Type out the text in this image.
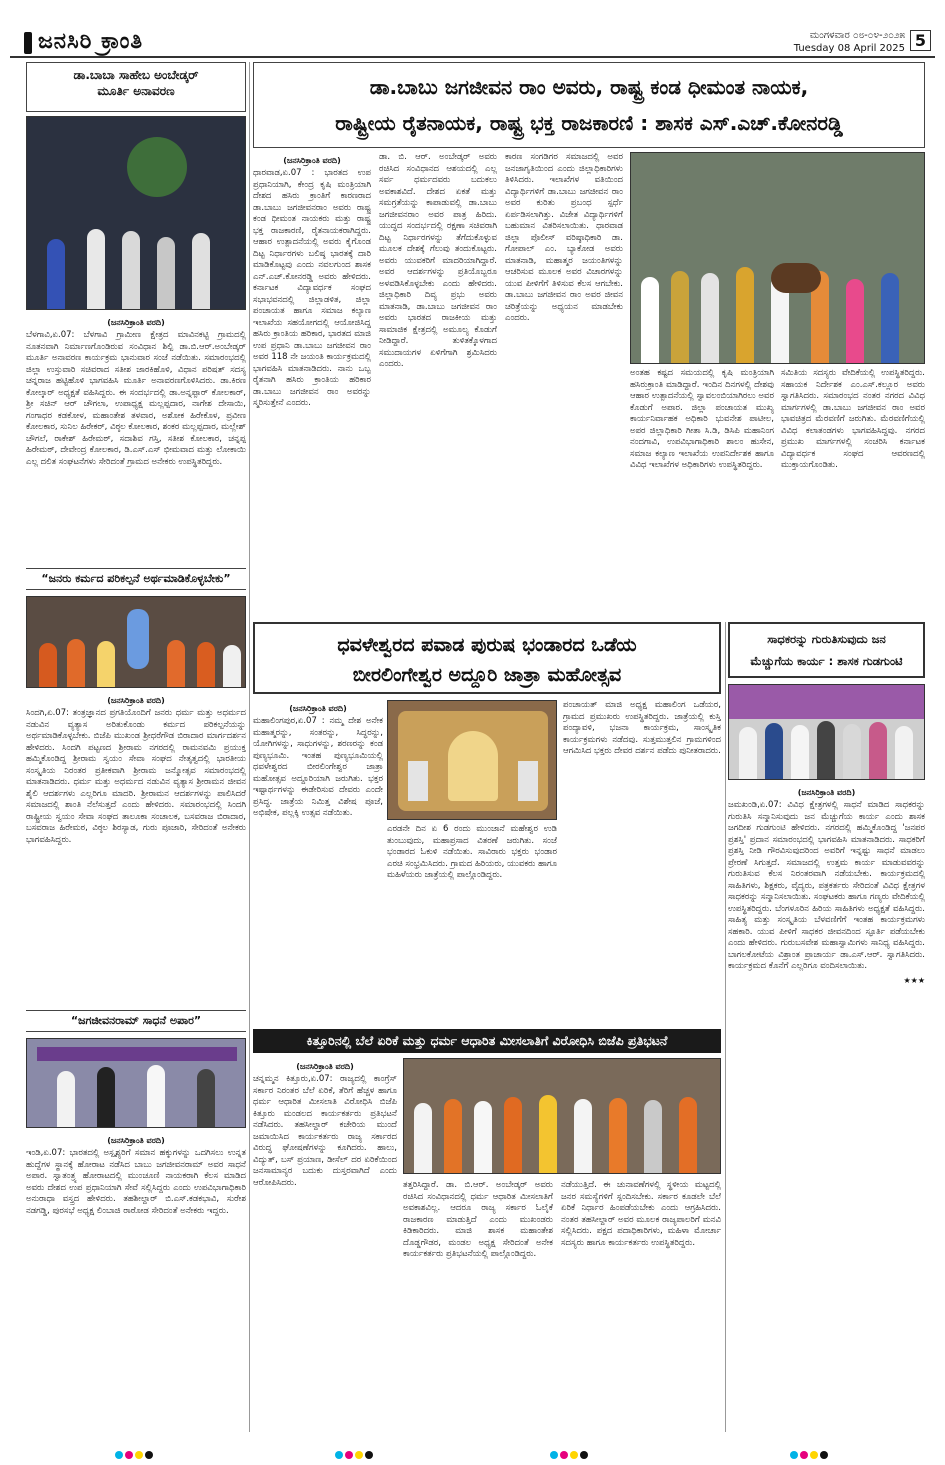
ಜನಸಿರಿ ಕ್ರಾಂತಿ	ಮಂಗಳವಾರ ೦೮-೦೪-೨೦೨೫
Tuesday 08 April 2025 5
ಡಾ.ಬಾಬಾ ಸಾಹೇಬ ಅಂಬೇಡ್ಕರ್
ಮೂರ್ತಿ ಅನಾವರಣ
(ಜನಸಿರಿಕ್ರಾಂತಿ ವರದಿ)
ಬೆಳಗಾವಿ,ಏ.07: ಬೆಳಗಾವಿ ಗ್ರಾಮೀಣ ಕ್ಷೇತ್ರದ ಮಾವಿನಕಟ್ಟಿ ಗ್ರಾಮದಲ್ಲಿ ನೂತನವಾಗಿ ನಿರ್ಮಾಣಗೊಂಡಿರುವ ಸಂವಿಧಾನ ಶಿಲ್ಪಿ ಡಾ.ಬಿ.ಆರ್.ಅಂಬೇಡ್ಕರ್ ಮೂರ್ತಿ ಅನಾವರಣ ಕಾರ್ಯಕ್ರಮ ಭಾನುವಾರ ಸಂಜೆ ನಡೆಯಿತು. ಸಮಾರಂಭದಲ್ಲಿ ಜಿಲ್ಲಾ ಉಸ್ತುವಾರಿ ಸಚಿವರಾದ ಸತೀಶ ಜಾರಕಿಹೊಳಿ, ವಿಧಾನ ಪರಿಷತ್ ಸದಸ್ಯ ಚನ್ನರಾಜ ಹಟ್ಟಿಹೊಳಿ ಭಾಗವಹಿಸಿ ಮೂರ್ತಿ ಅನಾವರಣಗೊಳಿಸಿದರು. ಡಾ.ಕಿರಣ ಕೋಲ್ಕಾರ್ ಅಧ್ಯಕ್ಷತೆ ವಹಿಸಿದ್ದರು. ಈ ಸಂದರ್ಭದಲ್ಲಿ ಡಾ.ಅನ್ನಪ್ಪಾರ್ ಕೋಲಕಾರ್, ಶ್ರೀ ಸಚಿನ್ ಆರ್ ಚೌಗಲಾ, ಉಪಾಧ್ಯಕ್ಷ ಮಲ್ಲಪ್ಪದಾರ, ನಾಗೇಶ ದೇಸಾಯಿ, ಗಂಗಾಧರ ಕಡಕೋಳ, ಮಹಾಂತೇಶ ತಳವಾರ, ಅಶೋಕ ಹಿರೇಕೊಳ, ಪ್ರವೀಣ ಕೋಲಕಾರ, ಸುನಿಲ ಹಿರೇಕರ್, ವಿಠ್ಠಲ ಕೋಲಕಾರ, ಶಂಕರ ಮಲ್ಲಪ್ಪದಾರ, ಮಲ್ಲೇಶ್ ಚೌಗಲೆ, ರಾಕೇಶ್ ಹಿರೇಮಠ್, ಸದಾಶಿವ ಗಸ್ತಿ, ಸತೀಶ ಕೋಲಕಾರ, ಚನ್ನಪ್ಪ ಹಿರೇಮಠ್, ದೇವೇಂದ್ರ ಕೋಲಕಾರ, ಡಿ.ಎಸ್.ಎಸ್ ಭೀಮವಾದ ಮತ್ತು ಲೋಕಾಯಿ ಎಲ್ಲ ದಲಿತ ಸಂಘಟನೆಗಳು ಸೇರಿದಂತೆ ಗ್ರಾಮದ ಅನೇಕರು ಉಪಸ್ಥಿತರಿದ್ದರು.
“ಜನರು ಕರ್ಮದ ಪರಿಕಲ್ಪನೆ ಅರ್ಥಮಾಡಿಕೊಳ್ಳಬೇಕು”
(ಜನಸಿರಿಕ್ರಾಂತಿ ವರದಿ)
ಸಿಂದಗಿ,ಏ.07: ತಂತ್ರಜ್ಞಾನದ ಪ್ರಗತಿಯೊಂದಿಗೆ ಜನರು ಧರ್ಮ ಮತ್ತು ಅಧರ್ಮದ ನಡುವಿನ ವ್ಯತ್ಯಾಸ ಅರಿತುಕೊಂಡು ಕರ್ಮದ ಪರಿಕಲ್ಪನೆಯನ್ನು ಅರ್ಥಮಾಡಿಕೊಳ್ಳಬೇಕು. ಬಿಜೆಪಿ ಮುಖಂಡ ಶ್ರೀಧರೆಗೌಡ ಬಿರಾದಾರ ಮಾರ್ಗದರ್ಶನ ಹೇಳಿದರು. ಸಿಂದಗಿ ಪಟ್ಟಣದ ಶ್ರೀರಾಮ ನಗರದಲ್ಲಿ ರಾಮನವಮಿ ಪ್ರಯುಕ್ತ ಹಮ್ಮಿಕೊಂಡಿದ್ದ ಶ್ರೀರಾಮ ಸ್ವಯಂ ಸೇವಾ ಸಂಘದ ನೇತೃತ್ವದಲ್ಲಿ ಭಾರತೀಯ ಸಂಸ್ಕೃತಿಯ ನಿರಂತರ ಪ್ರತೀಕವಾಗಿ ಶ್ರೀರಾಮ ಜನ್ಮೋತ್ಸವ ಸಮಾರಂಭದಲ್ಲಿ ಮಾತನಾಡಿದರು. ಧರ್ಮ ಮತ್ತು ಅಧರ್ಮದ ನಡುವಿನ ವ್ಯತ್ಯಾಸ ಶ್ರೀರಾಮನ ಜೀವನ ಶೈಲಿ ಆದರ್ಶಗಳು ಎಲ್ಲರಿಗೂ ಮಾದರಿ. ಶ್ರೀರಾಮನ ಆದರ್ಶಗಳನ್ನು ಪಾಲಿಸಿದರೆ ಸಮಾಜದಲ್ಲಿ ಶಾಂತಿ ನೆಲೆಸುತ್ತದೆ ಎಂದು ಹೇಳಿದರು. ಸಮಾರಂಭದಲ್ಲಿ ಸಿಂದಗಿ ರಾಷ್ಟ್ರೀಯ ಸ್ವಯಂ ಸೇವಾ ಸಂಘದ ತಾಲೂಕಾ ಸಂಚಾಲಕ, ಬಸವರಾಜ ಬಿರಾದಾರ, ಬಸವರಾಜ ಹಿರೇಮಠ, ವಿಠ್ಠಲ ಶಿರಸ್ಯಾಡ, ಗುರು ಪೂಜಾರಿ, ಸೇರಿದಂತೆ ಅನೇಕರು ಭಾಗವಹಿಸಿದ್ದರು.
“ಜಗಜೀವನರಾಮ್ ಸಾಧನೆ ಅಪಾರ”
(ಜನಸಿರಿಕ್ರಾಂತಿ ವರದಿ)
ಇಂಡಿ,ಏ.07: ಭಾರತದಲ್ಲಿ ಅಸ್ಪೃಶ್ಯರಿಗೆ ಸಮಾನ ಹಕ್ಕುಗಳನ್ನು ಒದಗಿಸಲು ಉನ್ನತ ಹುದ್ದೆಗಳ ಸ್ಥಾನಕ್ಕೆ ಹೋರಾಟ ನಡೆಸಿದ ಬಾಬು ಜಗಜೀವನರಾಮ್ ಅವರ ಸಾಧನೆ ಅಪಾರ. ಸ್ವಾತಂತ್ರ್ಯ ಹೋರಾಟದಲ್ಲಿ ಮುಂಚೂಣಿ ನಾಯಕರಾಗಿ ಕೆಲಸ ಮಾಡಿದ ಅವರು ದೇಶದ ಉಪ ಪ್ರಧಾನಿಯಾಗಿ ಸೇವೆ ಸಲ್ಲಿಸಿದ್ದರು ಎಂದು ಉಪವಿಭಾಗಾಧಿಕಾರಿ ಅನುರಾಧಾ ವಸ್ತ್ರದ ಹೇಳಿದರು. ತಹಶೀಲ್ದಾರ್ ಬಿ.ಎಸ್.ಕಡಕಭಾವಿ, ಸುರೇಶ ನಡಗಡ್ಡಿ, ಪುರಸಭೆ ಅಧ್ಯಕ್ಷ ಲಿಂಬಾಜಿ ರಾಠೋಡ ಸೇರಿದಂತೆ ಅನೇಕರು ಇದ್ದರು.
ಡಾ.ಬಾಬು ಜಗಜೀವನ ರಾಂ ಅವರು, ರಾಷ್ಟ್ರ ಕಂಡ ಧೀಮಂತ ನಾಯಕ,
ರಾಷ್ಟ್ರೀಯ ರೈತನಾಯಕ, ರಾಷ್ಟ್ರ ಭಕ್ತ ರಾಜಕಾರಣಿ : ಶಾಸಕ ಎಸ್.ಎಚ್.ಕೋನರಡ್ಡಿ
(ಜನಸಿರಿಕ್ರಾಂತಿ ವರದಿ)
ಧಾರವಾಡ,ಏ.07 : ಭಾರತದ ಉಪ ಪ್ರಧಾನಿಯಾಗಿ, ಕೇಂದ್ರ ಕೃಷಿ ಮಂತ್ರಿಯಾಗಿ ದೇಶದ ಹಸಿರು ಕ್ರಾಂತಿಗೆ ಕಾರಣರಾದ ಡಾ.ಬಾಬು ಜಗಜೀವನರಾಂ ಅವರು ರಾಷ್ಟ್ರ ಕಂಡ ಧೀಮಂತ ನಾಯಕರು ಮತ್ತು ರಾಷ್ಟ್ರ ಭಕ್ತ ರಾಜಕಾರಣಿ, ರೈತನಾಯಕರಾಗಿದ್ದರು. ಆಹಾರ ಉತ್ಪಾದನೆಯಲ್ಲಿ ಅವರು ಕೈಗೊಂಡ ದಿಟ್ಟ ನಿರ್ಧಾರಗಳು ಬಲಿಷ್ಠ ಭಾರತಕ್ಕೆ ದಾರಿ ಮಾಡಿಕೊಟ್ಟವು ಎಂದು ನವಲಗುಂದ ಶಾಸಕ ಎನ್.ಎಚ್.ಕೋನರಡ್ಡಿ ಅವರು ಹೇಳಿದರು. ಕರ್ನಾಟಕ ವಿದ್ಯಾವರ್ಧಕ ಸಂಘದ ಸಭಾಭವನದಲ್ಲಿ ಜಿಲ್ಲಾಡಳಿತ, ಜಿಲ್ಲಾ ಪಂಚಾಯತ ಹಾಗೂ ಸಮಾಜ ಕಲ್ಯಾಣ ಇಲಾಖೆಯ ಸಹಯೋಗದಲ್ಲಿ ಆಯೋಜಿಸಿದ್ದ ಹಸಿರು ಕ್ರಾಂತಿಯ ಹರಿಕಾರ, ಭಾರತದ ಮಾಜಿ ಉಪ ಪ್ರಧಾನಿ ಡಾ.ಬಾಬು ಜಗಜೀವನ ರಾಂ ಅವರ 118 ನೇ ಜಯಂತಿ ಕಾರ್ಯಕ್ರಮದಲ್ಲಿ ಭಾಗವಹಿಸಿ ಮಾತನಾಡಿದರು. ನಾನು ಒಬ್ಬ ರೈತನಾಗಿ ಹಸಿರು ಕ್ರಾಂತಿಯ ಹರಿಕಾರ ಡಾ.ಬಾಬು ಜಗಜೀವನ ರಾಂ ಅವರನ್ನು ಸ್ಮರಿಸುತ್ತೇನೆ ಎಂದರು.
ಡಾ. ಬಿ. ಆರ್. ಅಂಬೇಡ್ಕರ್ ಅವರು ರಚಿಸಿದ ಸಂವಿಧಾನದ ಆಶಯದಲ್ಲಿ ಎಲ್ಲ ಸರ್ವ ಧರ್ಮದವರು ಬದುಕಲು ಅವಕಾಶವಿದೆ. ದೇಶದ ಏಕತೆ ಮತ್ತು ಸಮಗ್ರತೆಯನ್ನು ಕಾಪಾಡುವಲ್ಲಿ ಡಾ.ಬಾಬು ಜಗಜೀವನರಾಂ ಅವರ ಪಾತ್ರ ಹಿರಿದು. ಯುದ್ಧದ ಸಂದರ್ಭದಲ್ಲಿ ರಕ್ಷಣಾ ಸಚಿವರಾಗಿ ದಿಟ್ಟ ನಿರ್ಧಾರಗಳನ್ನು ತೆಗೆದುಕೊಳ್ಳುವ ಮೂಲಕ ದೇಶಕ್ಕೆ ಗೆಲುವು ತಂದುಕೊಟ್ಟರು. ಅವರು ಯುವಕರಿಗೆ ಮಾದರಿಯಾಗಿದ್ದಾರೆ. ಅವರ ಆದರ್ಶಗಳನ್ನು ಪ್ರತಿಯೊಬ್ಬರೂ ಅಳವಡಿಸಿಕೊಳ್ಳಬೇಕು ಎಂದು ಹೇಳಿದರು. ಜಿಲ್ಲಾಧಿಕಾರಿ ದಿವ್ಯ ಪ್ರಭು ಅವರು ಮಾತನಾಡಿ, ಡಾ.ಬಾಬು ಜಗಜೀವನ ರಾಂ ಅವರು ಭಾರತದ ರಾಜಕೀಯ ಮತ್ತು ಸಾಮಾಜಿಕ ಕ್ಷೇತ್ರದಲ್ಲಿ ಅಮೂಲ್ಯ ಕೊಡುಗೆ ನೀಡಿದ್ದಾರೆ. ತುಳಿತಕ್ಕೊಳಗಾದ ಸಮುದಾಯಗಳ ಏಳಿಗೆಗಾಗಿ ಶ್ರಮಿಸಿದರು ಎಂದರು.
ಕಾರಣ ಸಂಗಡಿಗರ ಸಮಾಜದಲ್ಲಿ ಅವರ ಜನಜಾಗೃತಿಯಿಂದ ಎಂದು ಜಿಲ್ಲಾಧಿಕಾರಿಗಳು ತಿಳಿಸಿದರು. ಇಲಾಖೆಗಳ ವತಿಯಿಂದ ವಿದ್ಯಾರ್ಥಿಗಳಿಗೆ ಡಾ.ಬಾಬು ಜಗಜೀವನ ರಾಂ ಅವರ ಕುರಿತು ಪ್ರಬಂಧ ಸ್ಪರ್ಧೆ ಏರ್ಪಡಿಸಲಾಗಿತ್ತು. ವಿಜೇತ ವಿದ್ಯಾರ್ಥಿಗಳಿಗೆ ಬಹುಮಾನ ವಿತರಿಸಲಾಯಿತು. ಧಾರವಾಡ ಜಿಲ್ಲಾ ಪೊಲೀಸ್ ವರಿಷ್ಠಾಧಿಕಾರಿ ಡಾ. ಗೋಪಾಲ್ ಎಂ. ಬ್ಯಾಕೋಡ ಅವರು ಮಾತನಾಡಿ, ಮಹಾತ್ಮರ ಜಯಂತಿಗಳನ್ನು ಆಚರಿಸುವ ಮೂಲಕ ಅವರ ವಿಚಾರಗಳನ್ನು ಯುವ ಪೀಳಿಗೆಗೆ ತಿಳಿಸುವ ಕೆಲಸ ಆಗಬೇಕು. ಡಾ.ಬಾಬು ಜಗಜೀವನ ರಾಂ ಅವರ ಜೀವನ ಚರಿತ್ರೆಯನ್ನು ಅಧ್ಯಯನ ಮಾಡಬೇಕು ಎಂದರು.
ಅಂತಹ ಕಷ್ಟದ ಸಮಯದಲ್ಲಿ ಕೃಷಿ ಮಂತ್ರಿಯಾಗಿ ಹಸಿರುಕ್ರಾಂತಿ ಮಾಡಿದ್ದಾರೆ. ಇಂದಿನ ದಿನಗಳಲ್ಲಿ ದೇಶವು ಆಹಾರ ಉತ್ಪಾದನೆಯಲ್ಲಿ ಸ್ವಾವಲಂಬಿಯಾಗಿರಲು ಅವರ ಕೊಡುಗೆ ಅಪಾರ. ಜಿಲ್ಲಾ ಪಂಚಾಯತ ಮುಖ್ಯ ಕಾರ್ಯನಿರ್ವಾಹಕ ಅಧಿಕಾರಿ ಭುವನೇಶ ಪಾಟೀಲ, ಅಪರ ಜಿಲ್ಲಾಧಿಕಾರಿ ಗೀತಾ ಸಿ.ಡಿ, ಡಿಸಿಪಿ ಮಹಾನಿಂಗ ನಂದಗಾವಿ, ಉಪವಿಭಾಗಾಧಿಕಾರಿ ಶಾಲಂ ಹುಸೇನ, ಸಮಾಜ ಕಲ್ಯಾಣ ಇಲಾಖೆಯ ಉಪನಿರ್ದೇಶಕ ಹಾಗೂ ವಿವಿಧ ಇಲಾಖೆಗಳ ಅಧಿಕಾರಿಗಳು ಉಪಸ್ಥಿತರಿದ್ದರು.
ಸಮಿತಿಯ ಸದಸ್ಯರು ವೇದಿಕೆಯಲ್ಲಿ ಉಪಸ್ಥಿತರಿದ್ದರು. ಸಹಾಯಕ ನಿರ್ದೇಶಕ ಎಂ.ಎಸ್.ಕಲ್ಲೂರ ಅವರು ಸ್ವಾಗತಿಸಿದರು. ಸಮಾರಂಭದ ನಂತರ ನಗರದ ವಿವಿಧ ಮಾರ್ಗಗಳಲ್ಲಿ ಡಾ.ಬಾಬು ಜಗಜೀವನ ರಾಂ ಅವರ ಭಾವಚಿತ್ರದ ಮೆರವಣಿಗೆ ಜರುಗಿತು. ಮೆರವಣಿಗೆಯಲ್ಲಿ ವಿವಿಧ ಕಲಾತಂಡಗಳು ಭಾಗವಹಿಸಿದ್ದವು. ನಗರದ ಪ್ರಮುಖ ಮಾರ್ಗಗಳಲ್ಲಿ ಸಂಚರಿಸಿ ಕರ್ನಾಟಕ ವಿದ್ಯಾವರ್ಧಕ ಸಂಘದ ಆವರಣದಲ್ಲಿ ಮುಕ್ತಾಯಗೊಂಡಿತು.
ಧವಳೇಶ್ವರದ ಪವಾಡ ಪುರುಷ ಭಂಡಾರದ ಒಡೆಯ
ಬೀರಲಿಂಗೇಶ್ವರ ಅದ್ದೂರಿ ಜಾತ್ರಾ ಮಹೋತ್ಸವ
(ಜನಸಿರಿಕ್ರಾಂತಿ ವರದಿ)
ಮಹಾಲಿಂಗಪುರ,ಏ.07 : ನಮ್ಮ ದೇಶ ಅನೇಕ ಮಹಾತ್ಮರನ್ನು, ಸಂತರನ್ನು, ಸಿದ್ಧರನ್ನು, ಯೋಗಿಗಳನ್ನು, ಸಾಧುಗಳನ್ನು, ಶರಣರನ್ನು ಕಂಡ ಪುಣ್ಯಭೂಮಿ. ಇಂತಹ ಪುಣ್ಯಭೂಮಿಯಲ್ಲಿ ಧವಳೇಶ್ವರದ ಬೀರಲಿಂಗೇಶ್ವರ ಜಾತ್ರಾ ಮಹೋತ್ಸವ ಅದ್ದೂರಿಯಾಗಿ ಜರುಗಿತು. ಭಕ್ತರ ಇಷ್ಟಾರ್ಥಗಳನ್ನು ಈಡೇರಿಸುವ ದೇವರು ಎಂದೇ ಪ್ರಸಿದ್ಧ. ಜಾತ್ರೆಯ ನಿಮಿತ್ತ ವಿಶೇಷ ಪೂಜೆ, ಅಭಿಷೇಕ, ಪಲ್ಲಕ್ಕಿ ಉತ್ಸವ ನಡೆಯಿತು.
ಎರಡನೇ ದಿನ ಏ 6 ರಂದು ಮುಂಜಾನೆ ಮಹೇಶ್ವರ ಉಡಿ ತುಂಬುವುದು, ಮಹಾಪ್ರಸಾದ ವಿತರಣೆ ಜರುಗಿತು. ಸಂಜೆ ಭಂಡಾರದ ಓಕುಳಿ ನಡೆಯಿತು. ಸಾವಿರಾರು ಭಕ್ತರು ಭಂಡಾರ ಎರಚಿ ಸಂಭ್ರಮಿಸಿದರು. ಗ್ರಾಮದ ಹಿರಿಯರು, ಯುವಕರು ಹಾಗೂ ಮಹಿಳೆಯರು ಜಾತ್ರೆಯಲ್ಲಿ ಪಾಲ್ಗೊಂಡಿದ್ದರು.
ಪಂಚಾಯತ್ ಮಾಜಿ ಅಧ್ಯಕ್ಷ ಮಹಾಲಿಂಗ ಒಡೆಯರ, ಗ್ರಾಮದ ಪ್ರಮುಖರು ಉಪಸ್ಥಿತರಿದ್ದರು. ಜಾತ್ರೆಯಲ್ಲಿ ಕುಸ್ತಿ ಪಂದ್ಯಾವಳಿ, ಭಜನಾ ಕಾರ್ಯಕ್ರಮ, ಸಾಂಸ್ಕೃತಿಕ ಕಾರ್ಯಕ್ರಮಗಳು ನಡೆದವು. ಸುತ್ತಮುತ್ತಲಿನ ಗ್ರಾಮಗಳಿಂದ ಆಗಮಿಸಿದ ಭಕ್ತರು ದೇವರ ದರ್ಶನ ಪಡೆದು ಪುನೀತರಾದರು.
ಸಾಧಕರನ್ನು ಗುರುತಿಸುವುದು ಜನ
ಮೆಚ್ಚುಗೆಯ ಕಾರ್ಯ : ಶಾಸಕ ಗುಡಗುಂಟಿ
(ಜನಸಿರಿಕ್ರಾಂತಿ ವರದಿ)
ಜಮಖಂಡಿ,ಏ.07: ವಿವಿಧ ಕ್ಷೇತ್ರಗಳಲ್ಲಿ ಸಾಧನೆ ಮಾಡಿದ ಸಾಧಕರನ್ನು ಗುರುತಿಸಿ ಸನ್ಮಾನಿಸುವುದು ಜನ ಮೆಚ್ಚುಗೆಯ ಕಾರ್ಯ ಎಂದು ಶಾಸಕ ಜಗದೀಶ ಗುಡಗುಂಟಿ ಹೇಳಿದರು. ನಗರದಲ್ಲಿ ಹಮ್ಮಿಕೊಂಡಿದ್ದ 'ಜನಪರ ಪ್ರಶಸ್ತಿ' ಪ್ರದಾನ ಸಮಾರಂಭದಲ್ಲಿ ಭಾಗವಹಿಸಿ ಮಾತನಾಡಿದರು. ಸಾಧಕರಿಗೆ ಪ್ರಶಸ್ತಿ ನೀಡಿ ಗೌರವಿಸುವುದರಿಂದ ಅವರಿಗೆ ಇನ್ನಷ್ಟು ಸಾಧನೆ ಮಾಡಲು ಪ್ರೇರಣೆ ಸಿಗುತ್ತದೆ. ಸಮಾಜದಲ್ಲಿ ಉತ್ತಮ ಕಾರ್ಯ ಮಾಡುವವರನ್ನು ಗುರುತಿಸುವ ಕೆಲಸ ನಿರಂತರವಾಗಿ ನಡೆಯಬೇಕು. ಕಾರ್ಯಕ್ರಮದಲ್ಲಿ ಸಾಹಿತಿಗಳು, ಶಿಕ್ಷಕರು, ವೈದ್ಯರು, ಪತ್ರಕರ್ತರು ಸೇರಿದಂತೆ ವಿವಿಧ ಕ್ಷೇತ್ರಗಳ ಸಾಧಕರನ್ನು ಸನ್ಮಾನಿಸಲಾಯಿತು. ಸಂಘಟಕರು ಹಾಗೂ ಗಣ್ಯರು ವೇದಿಕೆಯಲ್ಲಿ ಉಪಸ್ಥಿತರಿದ್ದರು. ಬೆಂಗಳೂರಿನ ಹಿರಿಯ ಸಾಹಿತಿಗಳು ಅಧ್ಯಕ್ಷತೆ ವಹಿಸಿದ್ದರು. ಸಾಹಿತ್ಯ ಮತ್ತು ಸಂಸ್ಕೃತಿಯ ಬೆಳವಣಿಗೆಗೆ ಇಂತಹ ಕಾರ್ಯಕ್ರಮಗಳು ಸಹಕಾರಿ. ಯುವ ಪೀಳಿಗೆ ಸಾಧಕರ ಜೀವನದಿಂದ ಸ್ಫೂರ್ತಿ ಪಡೆಯಬೇಕು ಎಂದು ಹೇಳಿದರು. ಗುರುಬಸವೇಶ ಮಹಾಸ್ವಾಮಿಗಳು ಸಾನಿಧ್ಯ ವಹಿಸಿದ್ದರು. ಬಾಗಲಕೋಟೆಯ ವಿಶ್ರಾಂತ ಪ್ರಾಚಾರ್ಯ ಡಾ.ಎಸ್.ಆರ್. ಸ್ವಾಗತಿಸಿದರು. ಕಾರ್ಯಕ್ರಮದ ಕೊನೆಗೆ ಎಲ್ಲರಿಗೂ ವಂದಿಸಲಾಯಿತು.
★★★
ಕಿತ್ತೂರಿನಲ್ಲಿ ಬೆಲೆ ಏರಿಕೆ ಮತ್ತು ಧರ್ಮ ಆಧಾರಿತ ಮೀಸಲಾತಿಗೆ ವಿರೋಧಿಸಿ ಬಿಜೆಪಿ ಪ್ರತಿಭಟನೆ
(ಜನಸಿರಿಕ್ರಾಂತಿ ವರದಿ)
ಚನ್ನಮ್ಮನ ಕಿತ್ತೂರು,ಏ.07: ರಾಜ್ಯದಲ್ಲಿ ಕಾಂಗ್ರೆಸ್ ಸರ್ಕಾರ ನಿರಂತರ ಬೆಲೆ ಏರಿಕೆ, ತೆರಿಗೆ ಹೆಚ್ಚಳ ಹಾಗೂ ಧರ್ಮ ಆಧಾರಿತ ಮೀಸಲಾತಿ ವಿರೋಧಿಸಿ ಬಿಜೆಪಿ ಕಿತ್ತೂರು ಮಂಡಲದ ಕಾರ್ಯಕರ್ತರು ಪ್ರತಿಭಟನೆ ನಡೆಸಿದರು. ತಹಸೀಲ್ದಾರ್ ಕಚೇರಿಯ ಮುಂದೆ ಜಮಾಯಿಸಿದ ಕಾರ್ಯಕರ್ತರು ರಾಜ್ಯ ಸರ್ಕಾರದ ವಿರುದ್ಧ ಘೋಷಣೆಗಳನ್ನು ಕೂಗಿದರು. ಹಾಲು, ವಿದ್ಯುತ್, ಬಸ್ ಪ್ರಯಾಣ, ಡೀಸೆಲ್ ದರ ಏರಿಕೆಯಿಂದ ಜನಸಾಮಾನ್ಯರ ಬದುಕು ದುಸ್ತರವಾಗಿದೆ ಎಂದು ಆರೋಪಿಸಿದರು.	ತತ್ತರಿಸಿದ್ದಾರೆ. ಡಾ. ಬಿ.ಆರ್. ಅಂಬೇಡ್ಕರ್ ಅವರು ರಚಿಸಿದ ಸಂವಿಧಾನದಲ್ಲಿ ಧರ್ಮ ಆಧಾರಿತ ಮೀಸಲಾತಿಗೆ ಅವಕಾಶವಿಲ್ಲ. ಆದರೂ ರಾಜ್ಯ ಸರ್ಕಾರ ಓಲೈಕೆ ರಾಜಕಾರಣ ಮಾಡುತ್ತಿದೆ ಎಂದು ಮುಖಂಡರು ಕಿಡಿಕಾರಿದರು. ಮಾಜಿ ಶಾಸಕ ಮಹಾಂತೇಶ ದೊಡ್ಡಗೌಡರ, ಮಂಡಲ ಅಧ್ಯಕ್ಷ ಸೇರಿದಂತೆ ಅನೇಕ ಕಾರ್ಯಕರ್ತರು ಪ್ರತಿಭಟನೆಯಲ್ಲಿ ಪಾಲ್ಗೊಂಡಿದ್ದರು.
ನಡೆಯುತ್ತಿದೆ. ಈ ಚುನಾವಣೆಗಳಲ್ಲಿ ಸ್ಥಳೀಯ ಮಟ್ಟದಲ್ಲಿ ಜನರ ಸಮಸ್ಯೆಗಳಿಗೆ ಸ್ಪಂದಿಸಬೇಕು. ಸರ್ಕಾರ ಕೂಡಲೇ ಬೆಲೆ ಏರಿಕೆ ನಿರ್ಧಾರ ಹಿಂಪಡೆಯಬೇಕು ಎಂದು ಆಗ್ರಹಿಸಿದರು. ನಂತರ ತಹಸೀಲ್ದಾರ್ ಅವರ ಮೂಲಕ ರಾಜ್ಯಪಾಲರಿಗೆ ಮನವಿ ಸಲ್ಲಿಸಿದರು. ಪಕ್ಷದ ಪದಾಧಿಕಾರಿಗಳು, ಮಹಿಳಾ ಮೋರ್ಚಾ ಸದಸ್ಯರು ಹಾಗೂ ಕಾರ್ಯಕರ್ತರು ಉಪಸ್ಥಿತರಿದ್ದರು.
